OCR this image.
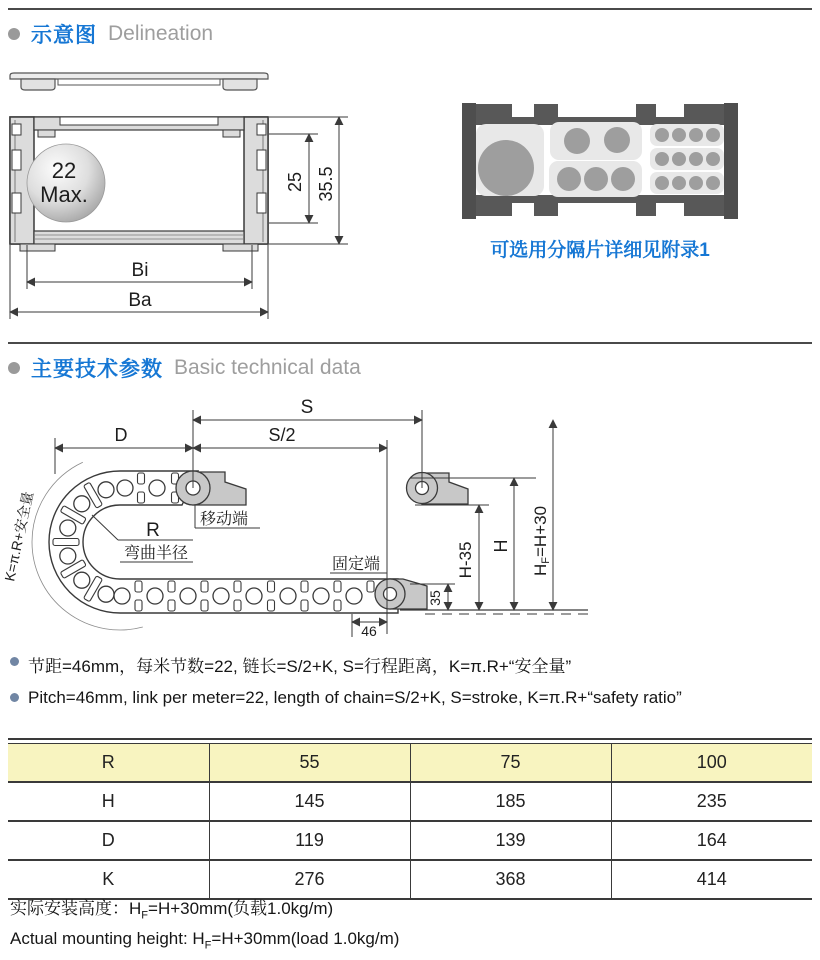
示意图 Delineation
22
Max.	25 35.5
Bi
Ba
可选用分隔片详细见附录1
主要技术参数 Basic technical data
S
S/2
D
R
弯曲半径
移动端
固定端
K=π.R+安全量	H-35 H
HF=H+30
35
46
节距=46mm，每米节数=22, 链长=S/2+K, S=行程距离，K=π.R+“安全量”
Pitch=46mm, link per meter=22, length of chain=S/2+K, S=stroke, K=π.R+“safety ratio”
R	55	75	100
H	145	185	235
D	119	139	164
K	276	368	414
实际安装高度：$H_F=H+30mm$(负载1.0kg/m)
Actual mounting height: $H_F=H+30mm(load$ 1.0kg/m)
